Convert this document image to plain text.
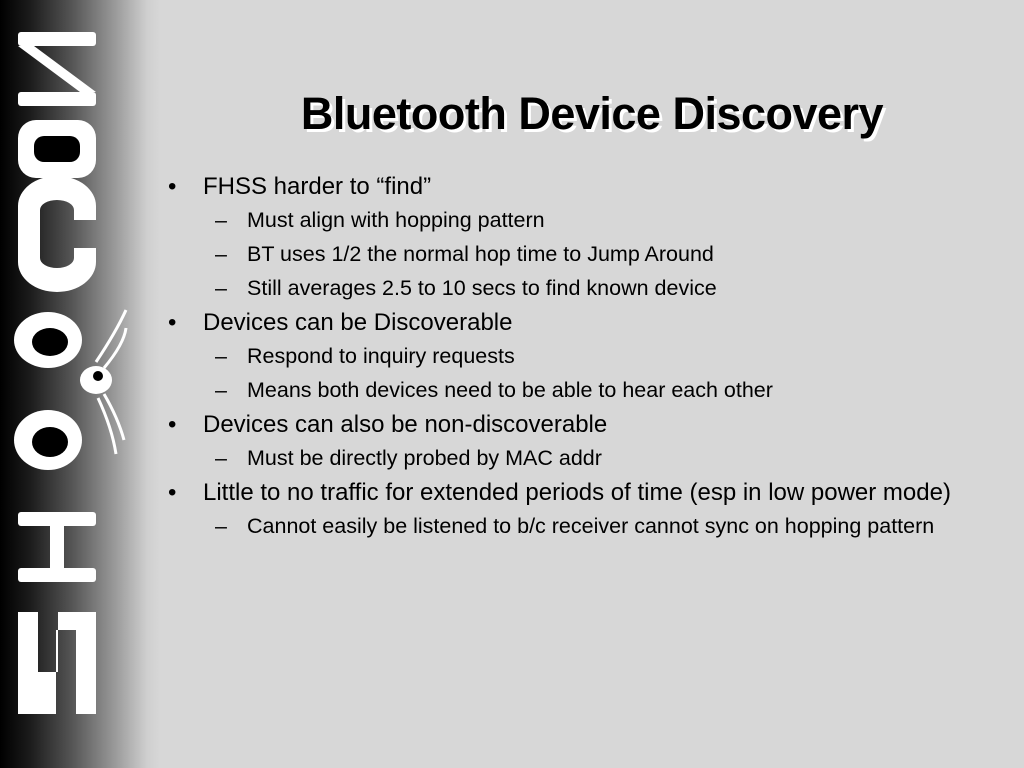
Bluetooth Device Discovery
• FHSS harder to “find”
– Must align with hopping pattern
– BT uses 1/2 the normal hop time to Jump Around
– Still averages 2.5 to 10 secs to find known device
• Devices can be Discoverable
– Respond to inquiry requests
– Means both devices need to be able to hear each other
• Devices can also be non-discoverable
– Must be directly probed by MAC addr
• Little to no traffic for extended periods of time (esp in low power mode)
– Cannot easily be listened to b/c receiver cannot sync on hopping pattern
